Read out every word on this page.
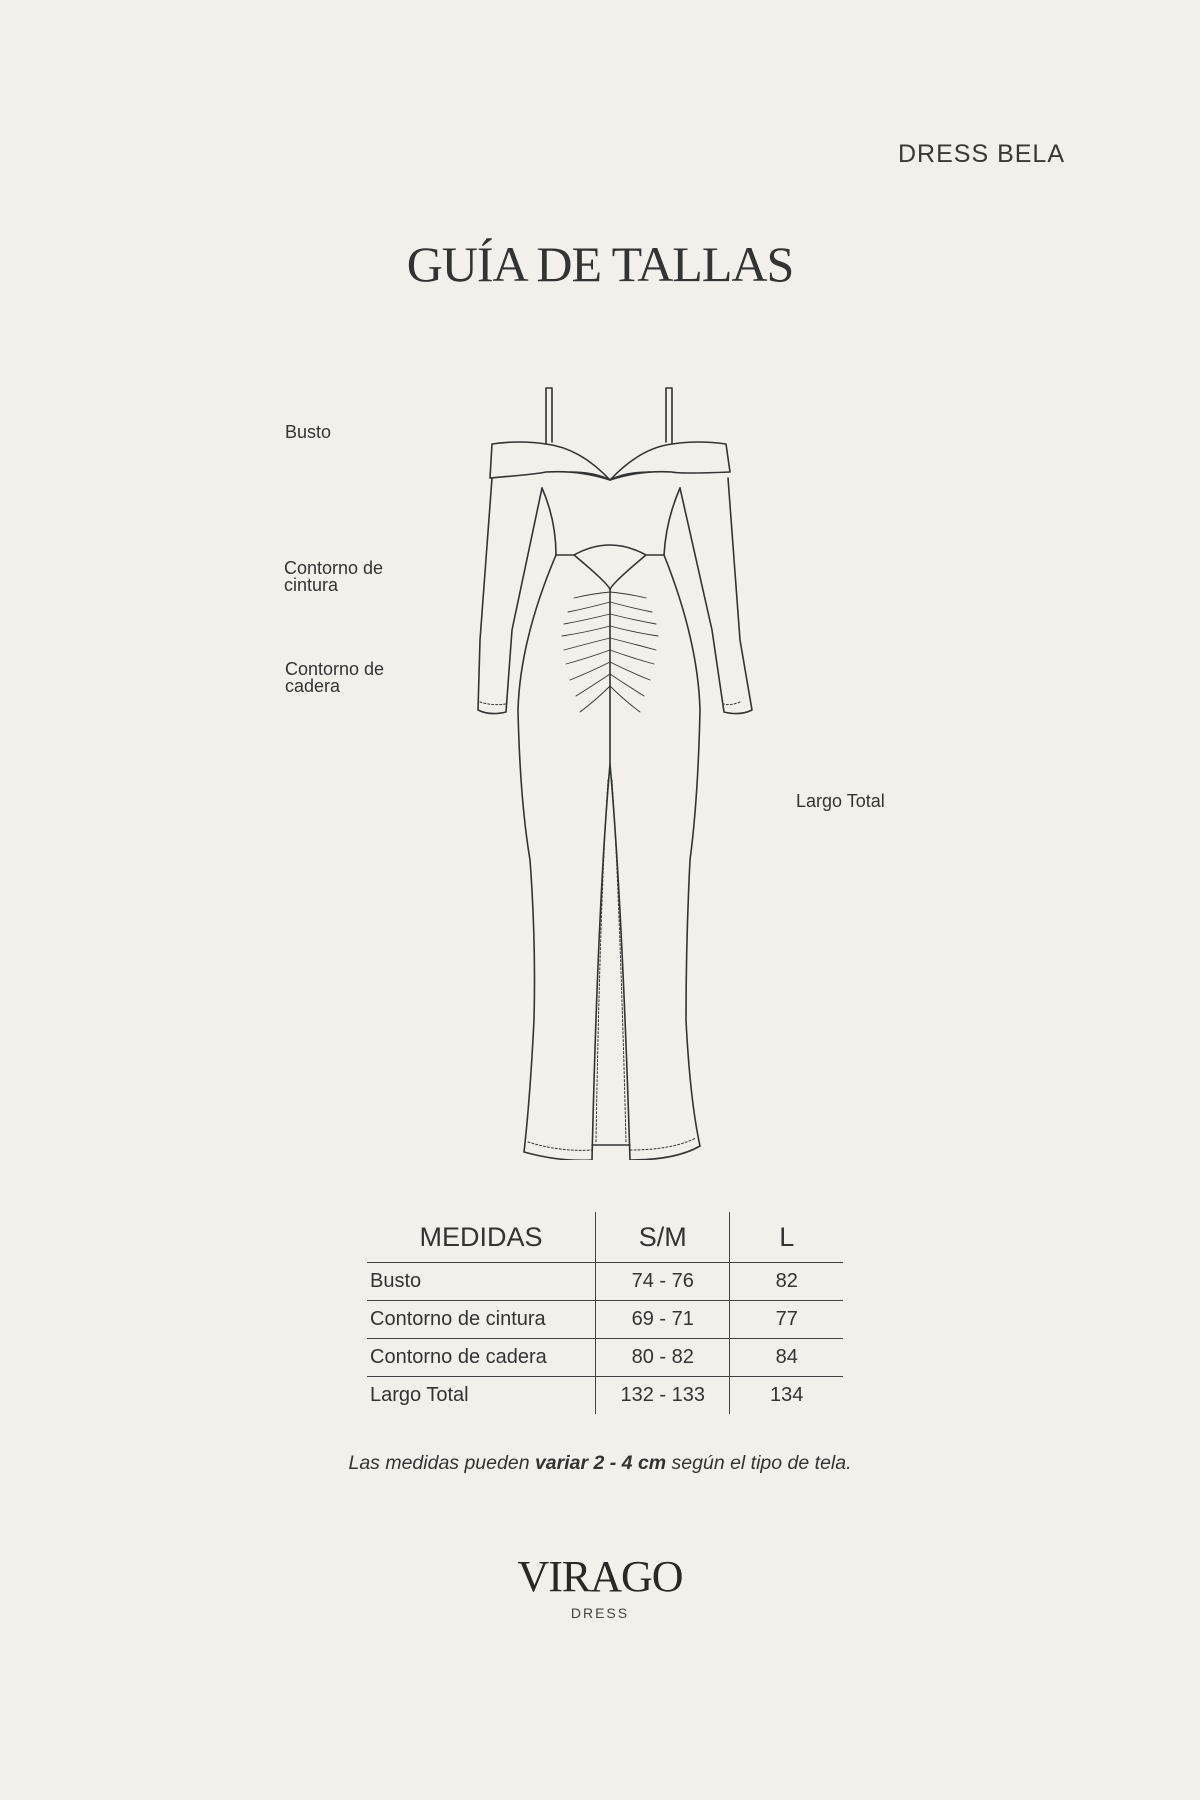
DRESS BELA
GUÍA DE TALLAS
Busto
Contorno de
cintura
Contorno de
cadera
Largo Total
MEDIDAS	S/M	L
Busto	74 - 76	82
Contorno de cintura	69 - 71	77
Contorno de cadera	80 - 82	84
Largo Total	132 - 133	134
Las medidas pueden variar 2 - 4 cm según el tipo de tela.
VIRAGO
DRESS
